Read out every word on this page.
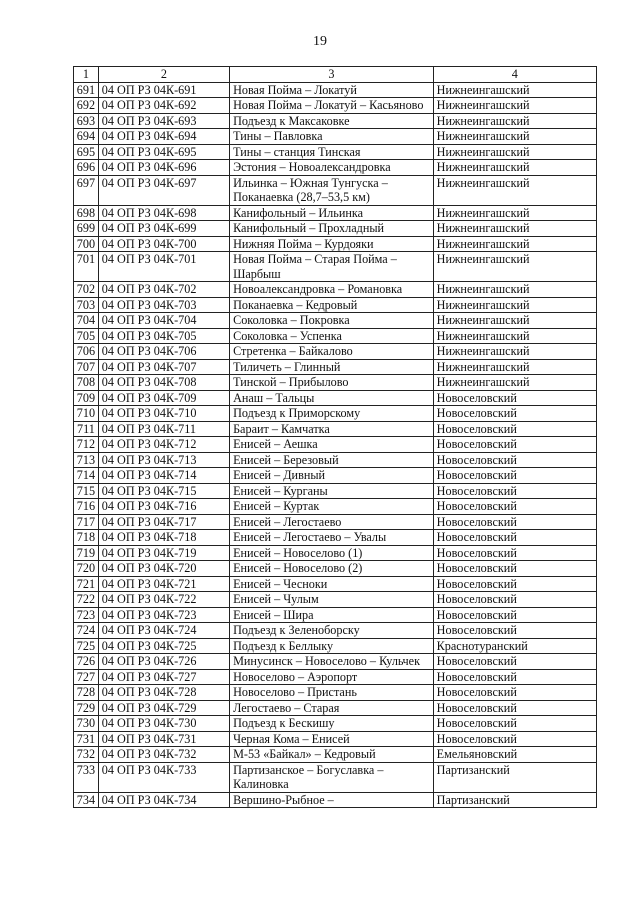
19
1	2	3	4
691	04 ОП РЗ 04К-691	Новая Пойма – Локатуй	Нижнеингашский
692	04 ОП РЗ 04К-692	Новая Пойма – Локатуй – Касьяново	Нижнеингашский
693	04 ОП РЗ 04К-693	Подъезд к Максаковке	Нижнеингашский
694	04 ОП РЗ 04К-694	Тины – Павловка	Нижнеингашский
695	04 ОП РЗ 04К-695	Тины – станция Тинская	Нижнеингашский
696	04 ОП РЗ 04К-696	Эстония – Новоалександровка	Нижнеингашский
697	04 ОП РЗ 04К-697	Ильинка – Южная Тунгуска – Поканаевка (28,7–53,5 км)	Нижнеингашский
698	04 ОП РЗ 04К-698	Канифольный – Ильинка	Нижнеингашский
699	04 ОП РЗ 04К-699	Канифольный – Прохладный	Нижнеингашский
700	04 ОП РЗ 04К-700	Нижняя Пойма – Курдояки	Нижнеингашский
701	04 ОП РЗ 04К-701	Новая Пойма – Старая Пойма – Шарбыш	Нижнеингашский
702	04 ОП РЗ 04К-702	Новоалександровка – Романовка	Нижнеингашский
703	04 ОП РЗ 04К-703	Поканаевка – Кедровый	Нижнеингашский
704	04 ОП РЗ 04К-704	Соколовка – Покровка	Нижнеингашский
705	04 ОП РЗ 04К-705	Соколовка – Успенка	Нижнеингашский
706	04 ОП РЗ 04К-706	Стретенка – Байкалово	Нижнеингашский
707	04 ОП РЗ 04К-707	Тиличеть – Глинный	Нижнеингашский
708	04 ОП РЗ 04К-708	Тинской – Прибылово	Нижнеингашский
709	04 ОП РЗ 04К-709	Анаш – Тальцы	Новоселовский
710	04 ОП РЗ 04К-710	Подъезд к Приморскому	Новоселовский
711	04 ОП РЗ 04К-711	Бараит – Камчатка	Новоселовский
712	04 ОП РЗ 04К-712	Енисей – Аешка	Новоселовский
713	04 ОП РЗ 04К-713	Енисей – Березовый	Новоселовский
714	04 ОП РЗ 04К-714	Енисей – Дивный	Новоселовский
715	04 ОП РЗ 04К-715	Енисей – Курганы	Новоселовский
716	04 ОП РЗ 04К-716	Енисей – Куртак	Новоселовский
717	04 ОП РЗ 04К-717	Енисей – Легостаево	Новоселовский
718	04 ОП РЗ 04К-718	Енисей – Легостаево – Увалы	Новоселовский
719	04 ОП РЗ 04К-719	Енисей – Новоселово (1)	Новоселовский
720	04 ОП РЗ 04К-720	Енисей – Новоселово (2)	Новоселовский
721	04 ОП РЗ 04К-721	Енисей – Чесноки	Новоселовский
722	04 ОП РЗ 04К-722	Енисей – Чулым	Новоселовский
723	04 ОП РЗ 04К-723	Енисей – Шира	Новоселовский
724	04 ОП РЗ 04К-724	Подъезд к Зеленоборску	Новоселовский
725	04 ОП РЗ 04К-725	Подъезд к Беллыку	Краснотуранский
726	04 ОП РЗ 04К-726	Минусинск – Новоселово – Кульчек	Новоселовский
727	04 ОП РЗ 04К-727	Новоселово – Аэропорт	Новоселовский
728	04 ОП РЗ 04К-728	Новоселово – Пристань	Новоселовский
729	04 ОП РЗ 04К-729	Легостаево – Старая	Новоселовский
730	04 ОП РЗ 04К-730	Подъезд к Бескишу	Новоселовский
731	04 ОП РЗ 04К-731	Черная Кома – Енисей	Новоселовский
732	04 ОП РЗ 04К-732	М-53 «Байкал» – Кедровый	Емельяновский
733	04 ОП РЗ 04К-733	Партизанское – Богуславка – Калиновка	Партизанский
734	04 ОП РЗ 04К-734	Вершино-Рыбное –	Партизанский
